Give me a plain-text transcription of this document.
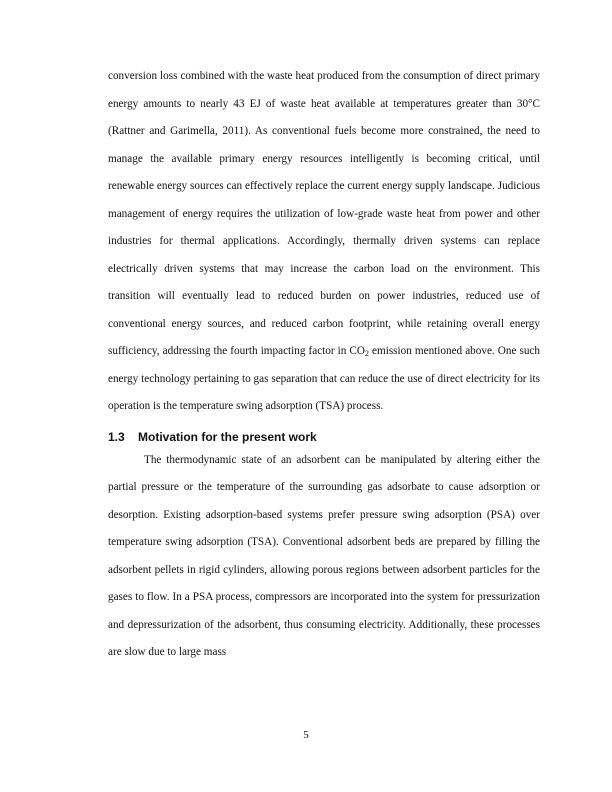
conversion loss combined with the waste heat produced from the consumption of direct primary energy amounts to nearly 43 EJ of waste heat available at temperatures greater than 30°C (Rattner and Garimella, 2011). As conventional fuels become more constrained, the need to manage the available primary energy resources intelligently is becoming critical, until renewable energy sources can effectively replace the current energy supply landscape. Judicious management of energy requires the utilization of low-grade waste heat from power and other industries for thermal applications. Accordingly, thermally driven systems can replace electrically driven systems that may increase the carbon load on the environment. This transition will eventually lead to reduced burden on power industries, reduced use of conventional energy sources, and reduced carbon footprint, while retaining overall energy sufficiency, addressing the fourth impacting factor in $CO_2$ emission mentioned above. One such energy technology pertaining to gas separation that can reduce the use of direct electricity for its operation is the temperature swing adsorption (TSA) process.

1.3 Motivation for the present work

The thermodynamic state of an adsorbent can be manipulated by altering either the partial pressure or the temperature of the surrounding gas adsorbate to cause adsorption or desorption. Existing adsorption-based systems prefer pressure swing adsorption (PSA) over temperature swing adsorption (TSA). Conventional adsorbent beds are prepared by filling the adsorbent pellets in rigid cylinders, allowing porous regions between adsorbent particles for the gases to flow. In a PSA process, compressors are incorporated into the system for pressurization and depressurization of the adsorbent, thus consuming electricity. Additionally, these processes are slow due to large mass

5
